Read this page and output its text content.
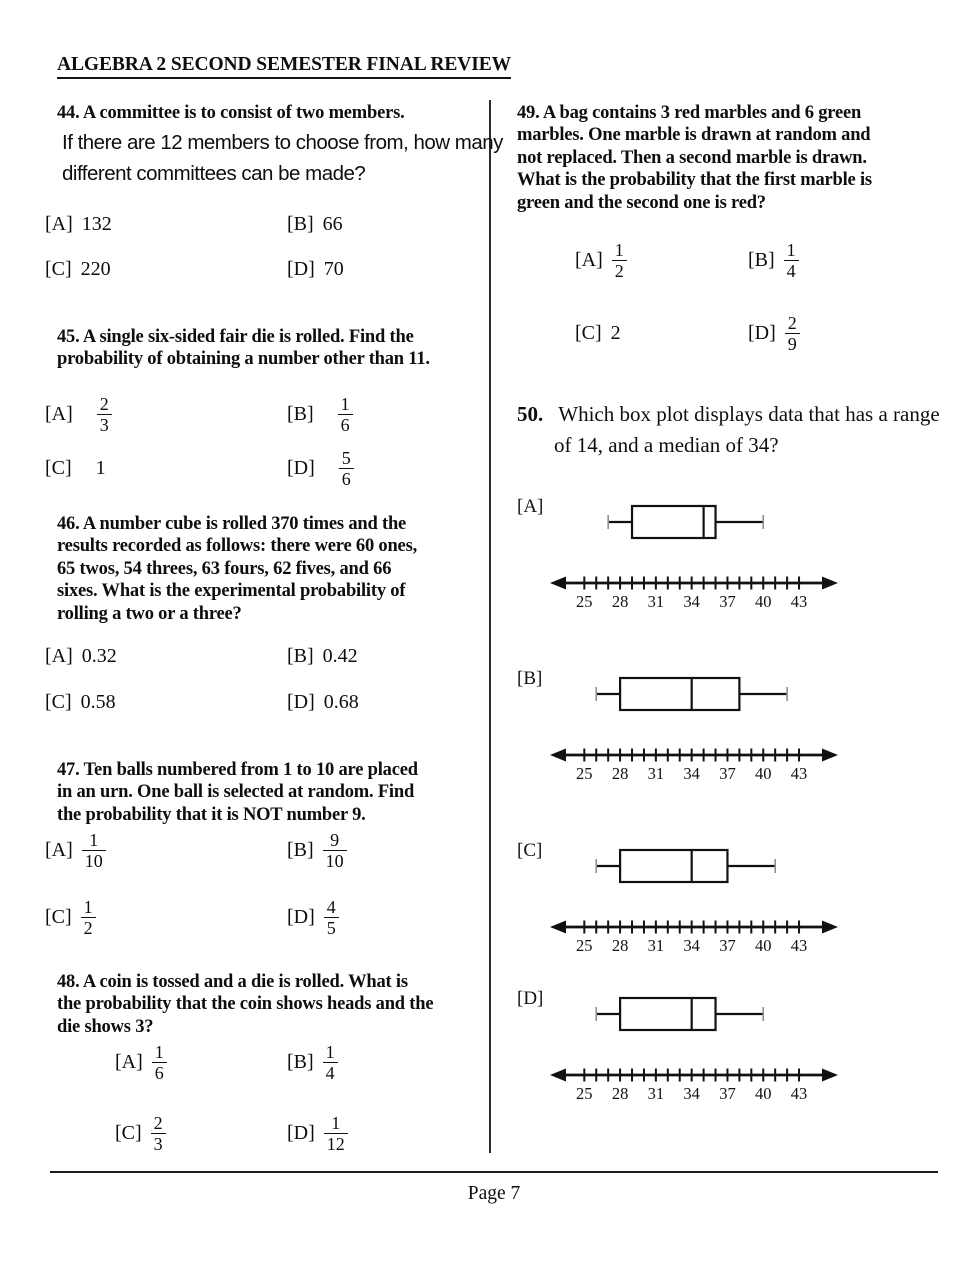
ALGEBRA 2 SECOND SEMESTER FINAL REVIEW
44. A committee is to consist of two members.
If there are 12 members to choose from, how many
different committees can be made?
[A] 132	[B] 66
[C] 220	[D] 70
45. A single six-sided fair die is rolled. Find the
probability of obtaining a number other than 11.
$[A] \frac{2}{3}$	$[B] \frac{1}{6}$
[C] 1	$[D] \frac{5}{6}$
46. A number cube is rolled 370 times and the
results recorded as follows: there were 60 ones,
65 twos, 54 threes, 63 fours, 62 fives, and 66
sixes. What is the experimental probability of
rolling a two or a three?
[A] 0.32	[B] 0.42
[C] 0.58	[D] 0.68
47. Ten balls numbered from 1 to 10 are placed
in an urn. One ball is selected at random. Find
the probability that it is NOT number 9.
$[A] \frac{1}{10}$	$[B] \frac{9}{10}$
$[C] \frac{1}{2}$	$[D] \frac{4}{5}$
48. A coin is tossed and a die is rolled. What is
the probability that the coin shows heads and the
die shows 3?
$[A] \frac{1}{6}$	$[B] \frac{1}{4}$
$[C] \frac{2}{3}$	$[D] \frac{1}{12}$
49. A bag contains 3 red marbles and 6 green
marbles. One marble is drawn at random and
not replaced. Then a second marble is drawn.
What is the probability that the first marble is
green and the second one is red?
$[A] \frac{1}{2}$	$[B] \frac{1}{4}$
[C] 2	$[D] \frac{2}{9}$
50. Which box plot displays data that has a range
of 14, and a median of 34?
[A]
25 28 31 34 37 40 43
[B]
25 28 31 34 37 40 43
[C]
25 28 31 34 37 40 43
[D]
25 28 31 34 37 40 43
Page 7
